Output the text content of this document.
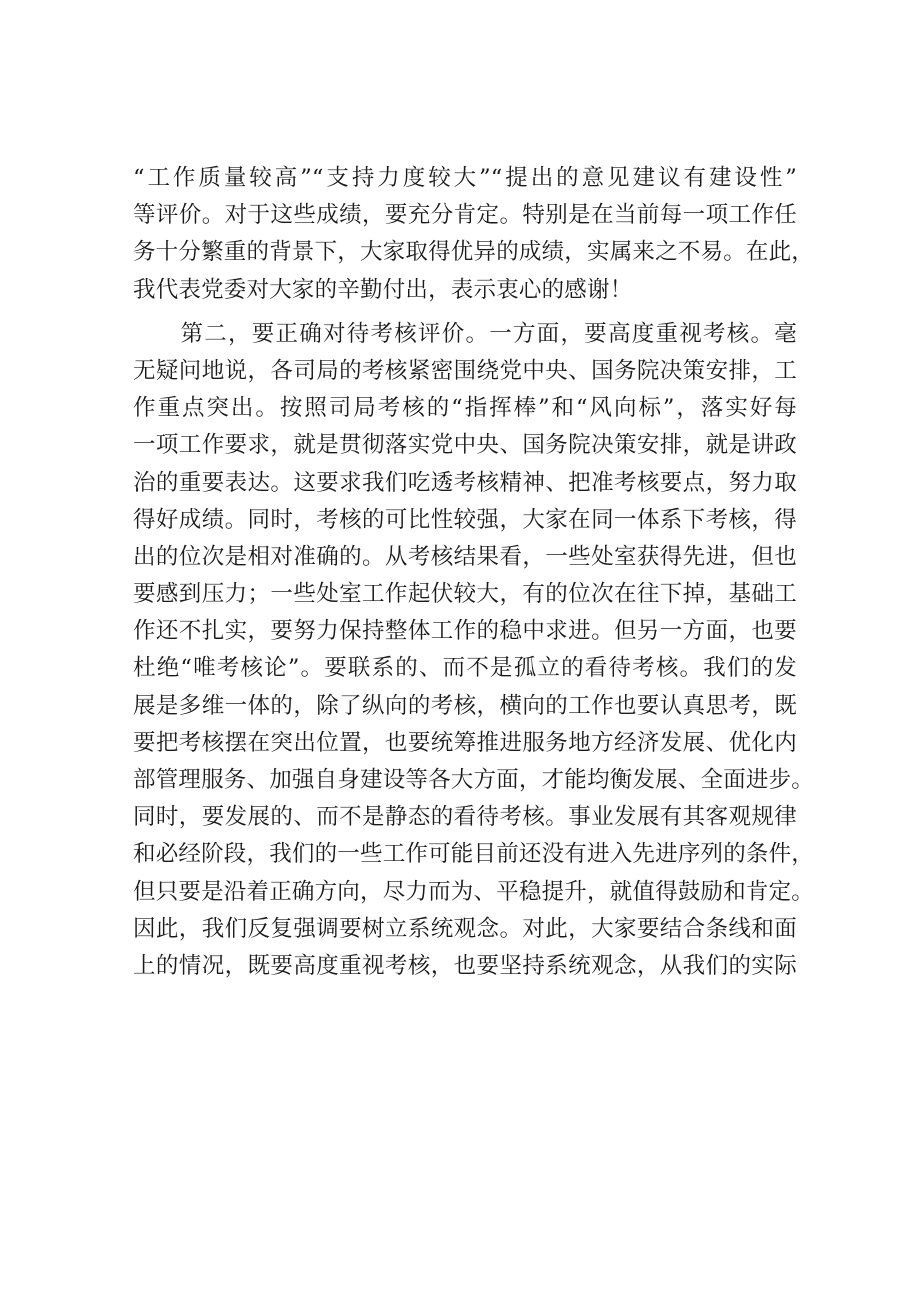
“工作质量较高”“支持力度较大”“提出的意见建议有建设性”
等评价。对于这些成绩，要充分肯定。特别是在当前每一项工作任
务十分繁重的背景下，大家取得优异的成绩，实属来之不易。在此，
我代表党委对大家的辛勤付出，表示衷心的感谢！
　　第二，要正确对待考核评价。一方面，要高度重视考核。毫
无疑问地说，各司局的考核紧密围绕党中央、国务院决策安排，工
作重点突出。按照司局考核的“指挥棒”和“风向标”，落实好每
一项工作要求，就是贯彻落实党中央、国务院决策安排，就是讲政
治的重要表达。这要求我们吃透考核精神、把准考核要点，努力取
得好成绩。同时，考核的可比性较强，大家在同一体系下考核，得
出的位次是相对准确的。从考核结果看，一些处室获得先进，但也
要感到压力；一些处室工作起伏较大，有的位次在往下掉，基础工
作还不扎实，要努力保持整体工作的稳中求进。但另一方面，也要
杜绝“唯考核论”。要联系的、而不是孤立的看待考核。我们的发
展是多维一体的，除了纵向的考核，横向的工作也要认真思考，既
要把考核摆在突出位置，也要统筹推进服务地方经济发展、优化内
部管理服务、加强自身建设等各大方面，才能均衡发展、全面进步。
同时，要发展的、而不是静态的看待考核。事业发展有其客观规律
和必经阶段，我们的一些工作可能目前还没有进入先进序列的条件，
但只要是沿着正确方向，尽力而为、平稳提升，就值得鼓励和肯定。
因此，我们反复强调要树立系统观念。对此，大家要结合条线和面
上的情况，既要高度重视考核，也要坚持系统观念，从我们的实际
